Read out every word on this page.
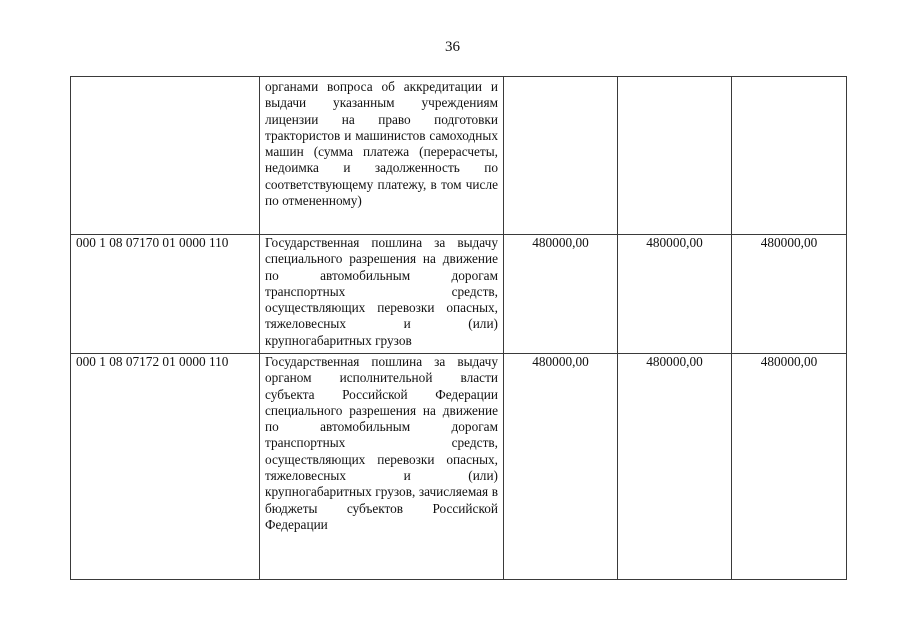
36
	органами вопроса об аккредитации и выдачи указанным учреждениям лицензии на право подготовки трактористов и машинистов самоходных машин (сумма платежа (перерасчеты, недоимка и задолженность по соответствующему платежу, в том числе по отмененному)			
000 1 08 07170 01 0000 110	Государственная пошлина за выдачу специального разрешения на движение по автомобильным дорогам транспортных средств, осуществляющих перевозки опасных, тяжеловесных и (или) крупногабаритных грузов	480000,00	480000,00	480000,00
000 1 08 07172 01 0000 110	Государственная пошлина за выдачу органом исполнительной власти субъекта Российской Федерации специального разрешения на движение по автомобильным дорогам транспортных средств, осуществляющих перевозки опасных, тяжеловесных и (или) крупногабаритных грузов, зачисляемая в бюджеты субъектов Российской Федерации	480000,00	480000,00	480000,00
